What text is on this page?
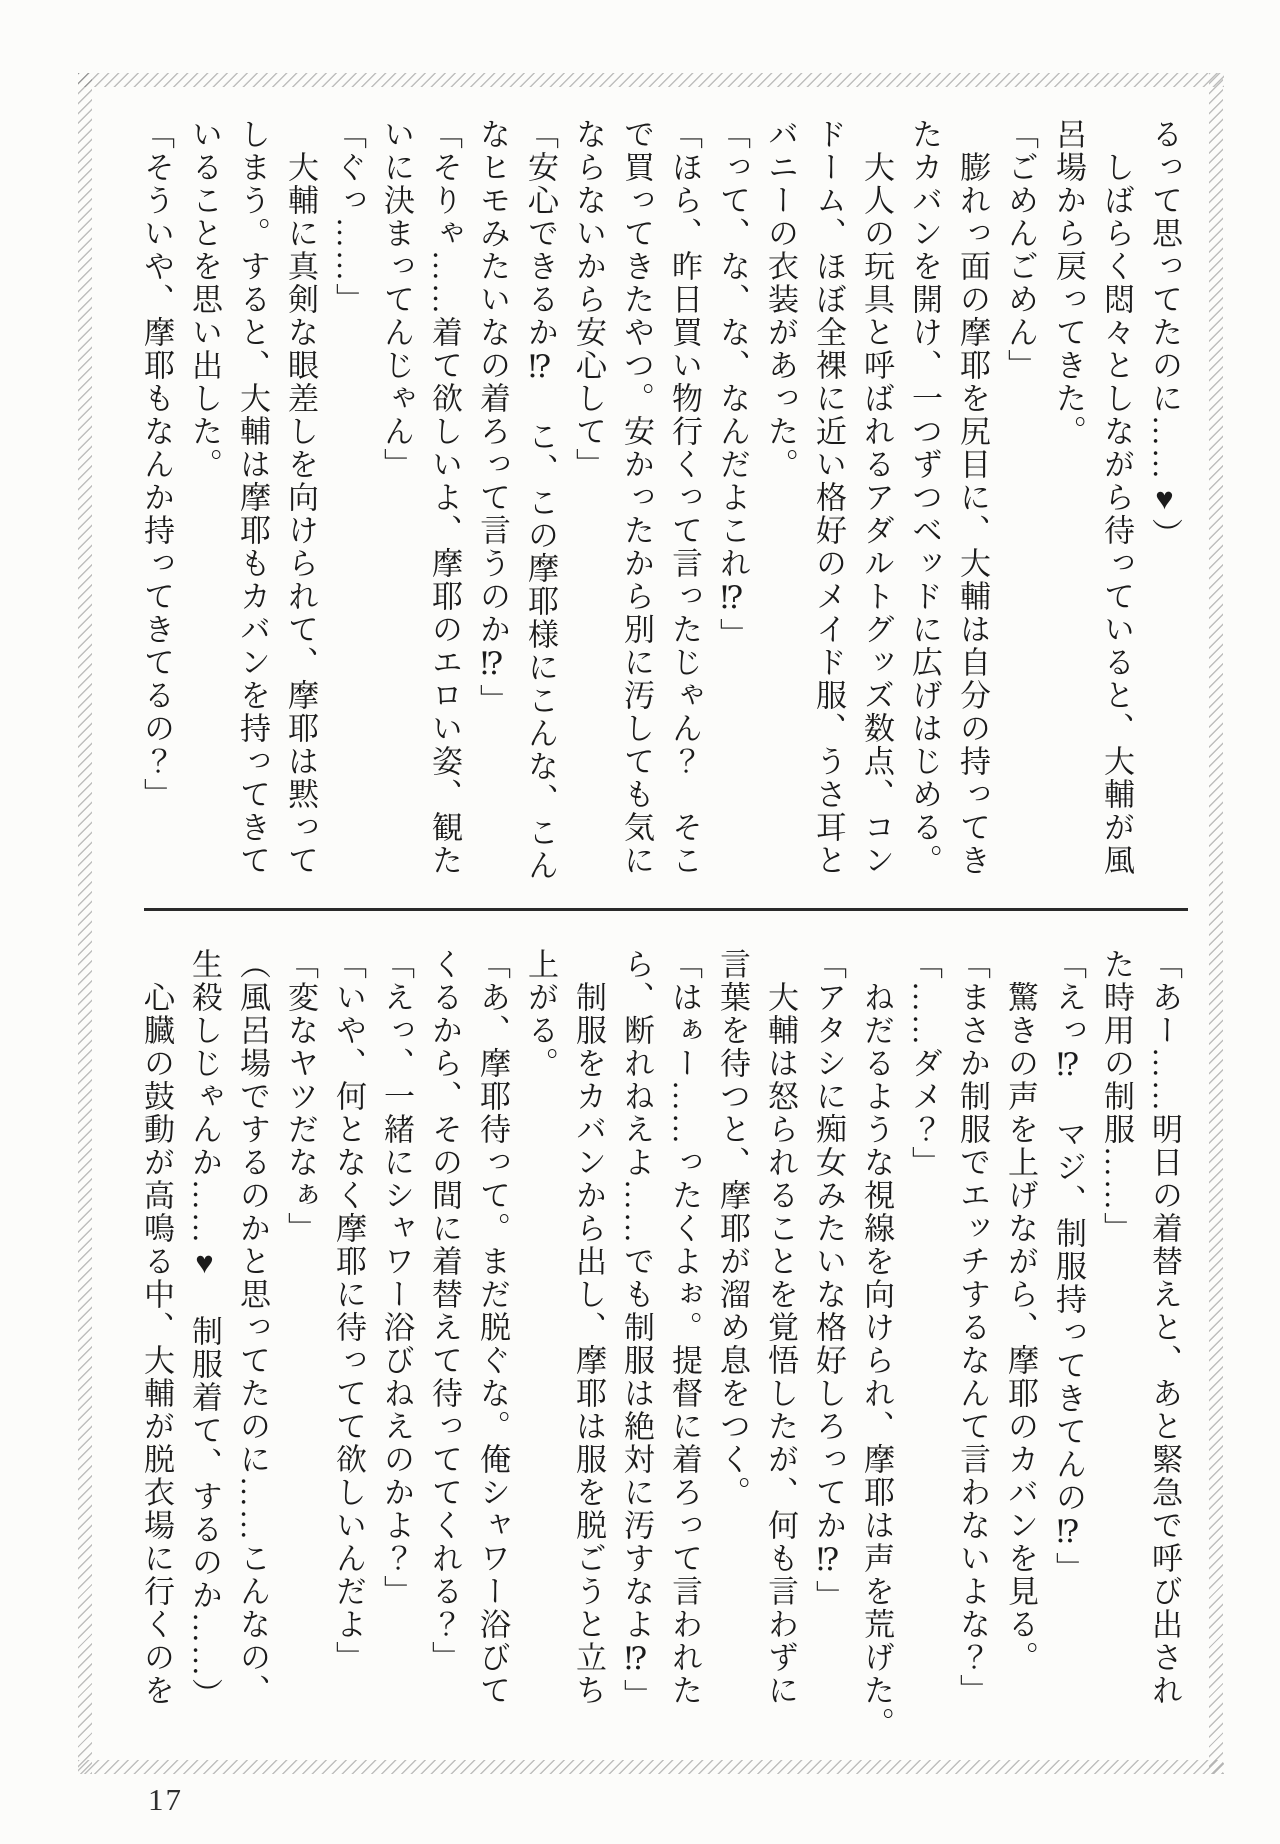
るって思ってたのに……♥）
　しばらく悶々としながら待っていると、大輔が風
呂場から戻ってきた。
「ごめんごめん」
　膨れっ面の摩耶を尻目に、大輔は自分の持ってき
たカバンを開け、一つずつベッドに広げはじめる。
　大人の玩具と呼ばれるアダルトグッズ数点、コン
ドーム、ほぼ全裸に近い格好のメイド服、うさ耳と
バニーの衣装があった。
「って、な、な、なんだよこれ⁉」
「ほら、昨日買い物行くって言ったじゃん？　そこ
で買ってきたやつ。安かったから別に汚しても気に
ならないから安心して」
「安心できるか⁉　こ、この摩耶様にこんな、こん
なヒモみたいなの着ろって言うのか⁉」
「そりゃ……着て欲しいよ、摩耶のエロい姿、観た
いに決まってんじゃん」
「ぐっ……」
　大輔に真剣な眼差しを向けられて、摩耶は黙って
しまう。すると、大輔は摩耶もカバンを持ってきて
いることを思い出した。
「そういや、摩耶もなんか持ってきてるの？」
「あー……明日の着替えと、あと緊急で呼び出され
た時用の制服……」
「えっ⁉　マジ、制服持ってきてんの⁉」
　驚きの声を上げながら、摩耶のカバンを見る。
「まさか制服でエッチするなんて言わないよな？」
「……ダメ？」
　ねだるような視線を向けられ、摩耶は声を荒げた。
「アタシに痴女みたいな格好しろってか⁉」
　大輔は怒られることを覚悟したが、何も言わずに
言葉を待つと、摩耶が溜め息をつく。
「はぁー……ったくよぉ。提督に着ろって言われた
ら、断れねえよ……でも制服は絶対に汚すなよ⁉」
　制服をカバンから出し、摩耶は服を脱ごうと立ち
上がる。
「あ、摩耶待って。まだ脱ぐな。俺シャワー浴びて
くるから、その間に着替えて待っててくれる？」
「えっ、一緒にシャワー浴びねえのかよ？」
「いや、何となく摩耶に待ってて欲しいんだよ」
「変なヤツだなぁ」
（風呂場でするのかと思ってたのに……こんなの、
生殺しじゃんか……♥　制服着て、するのか……）
　心臓の鼓動が高鳴る中、大輔が脱衣場に行くのを
17
